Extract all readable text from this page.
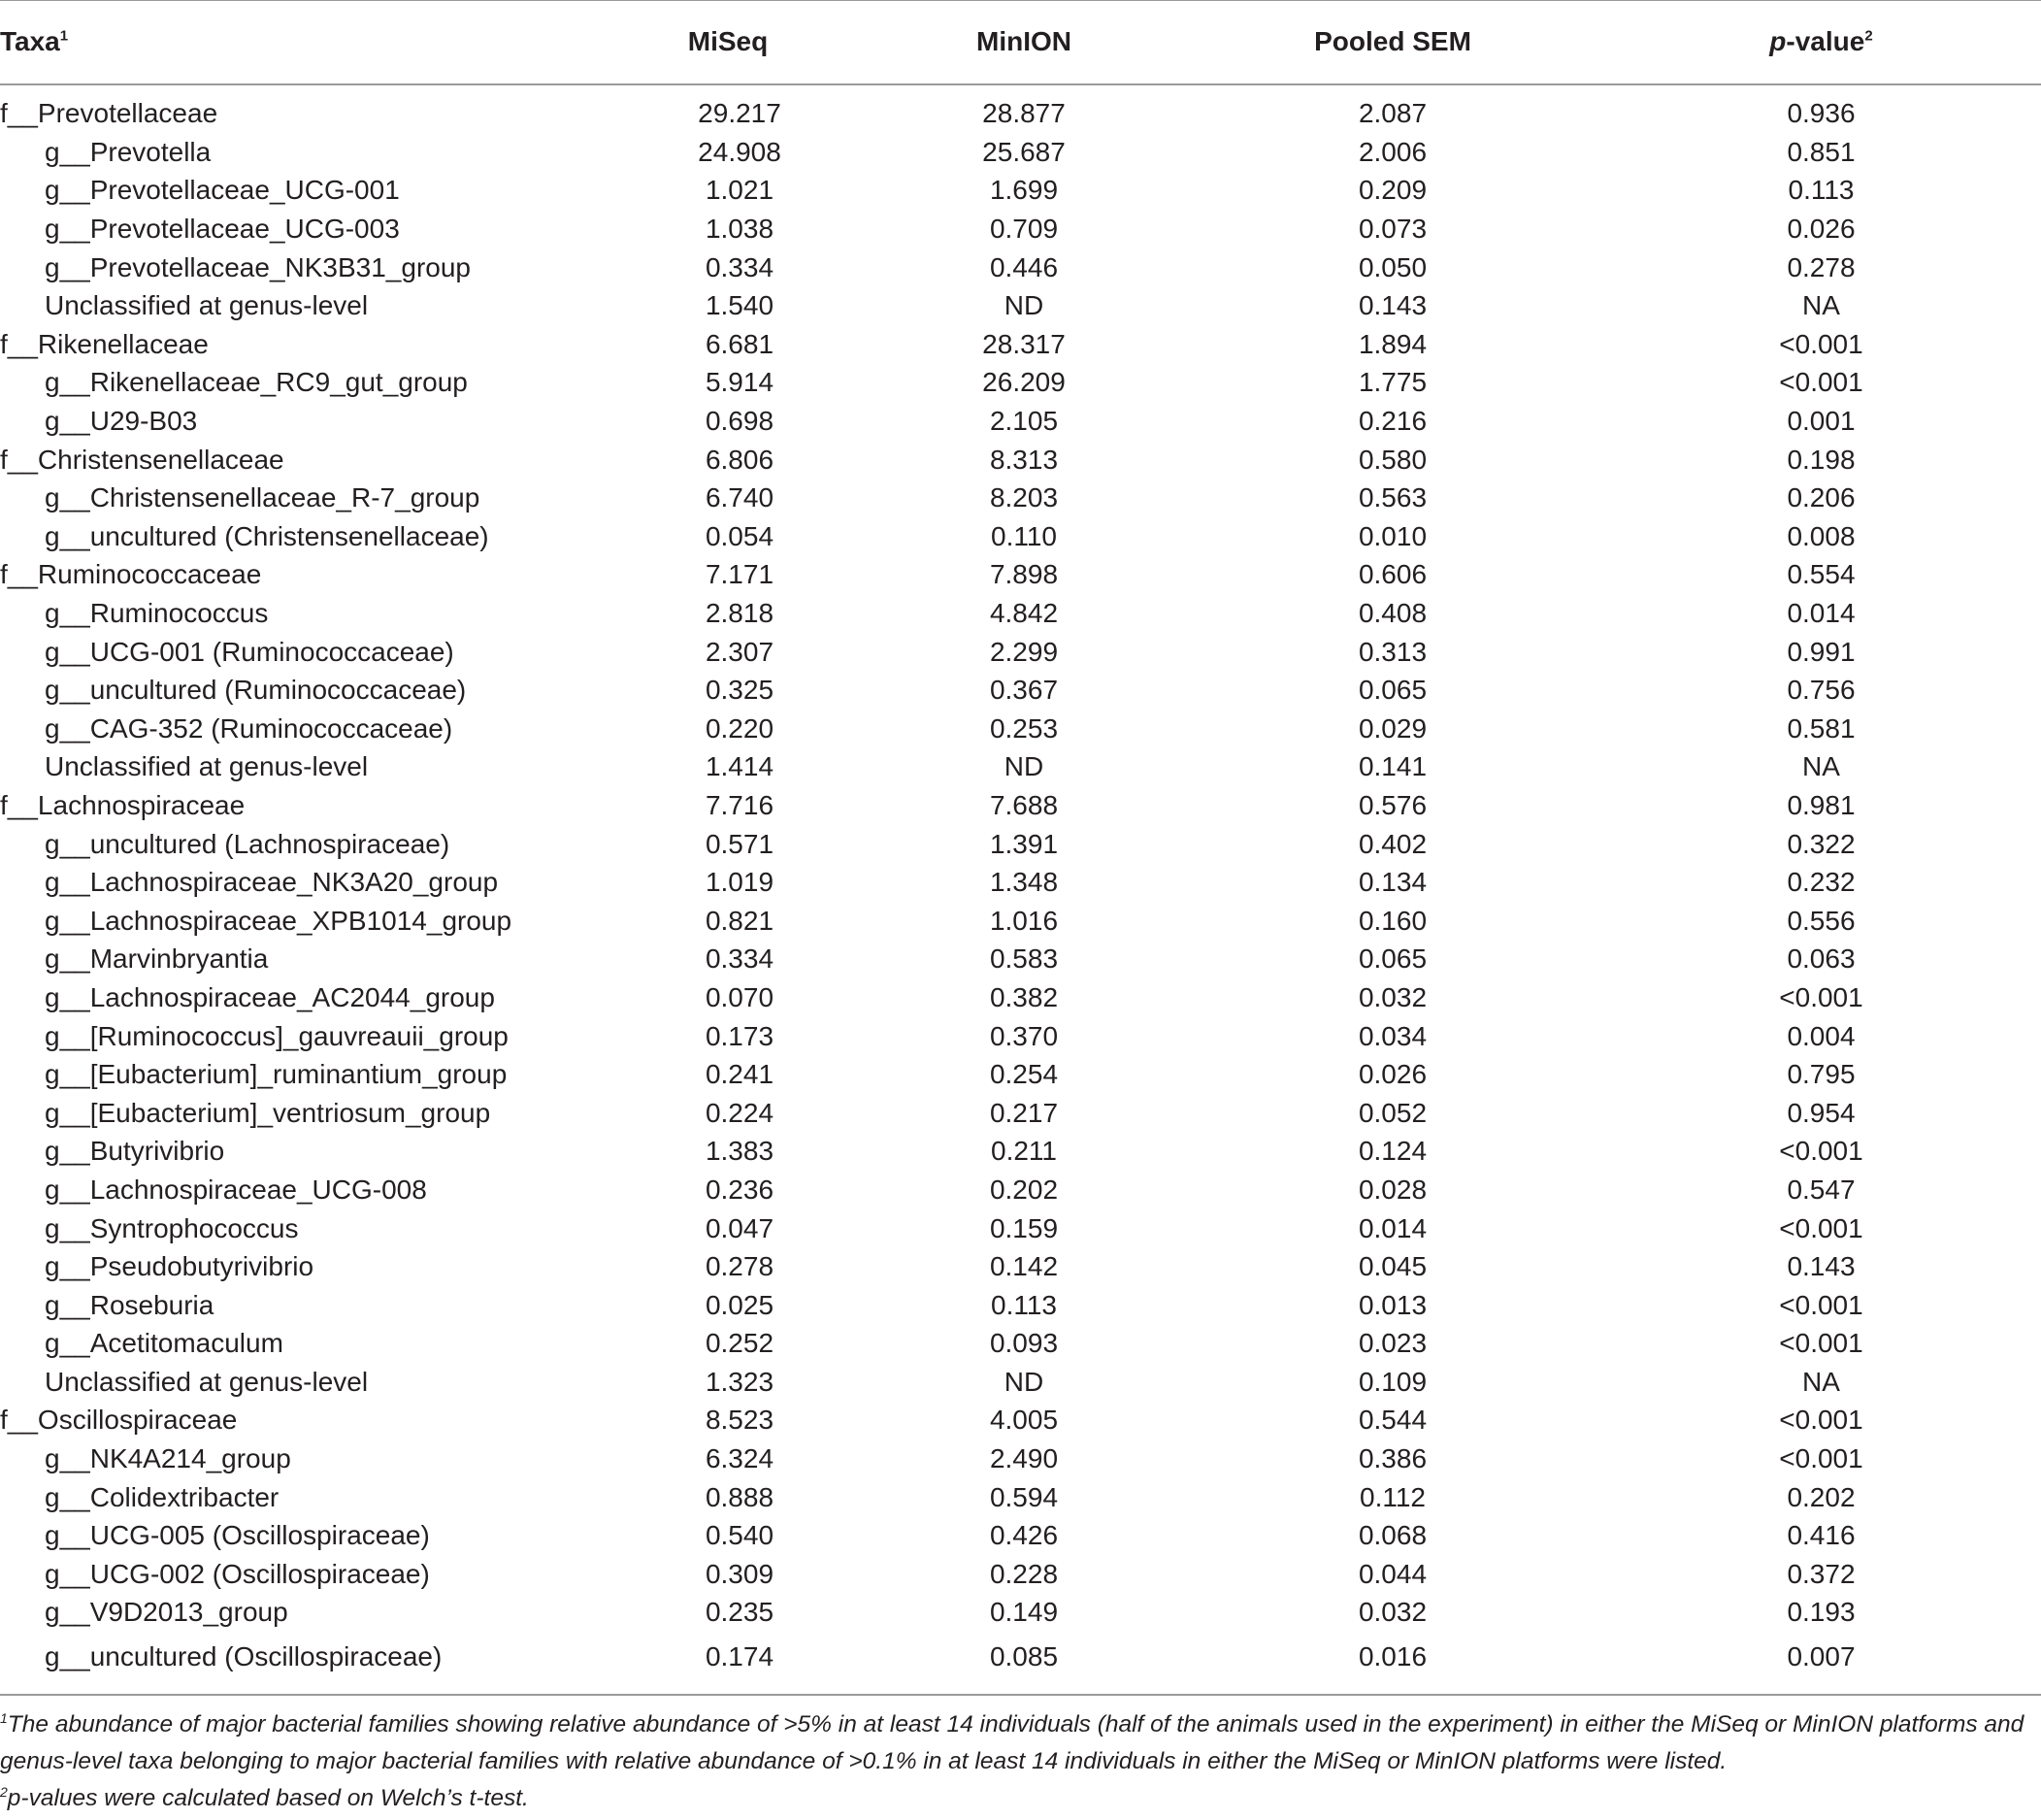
Taxa$^1$	MiSeq	MinION	Pooled SEM	p-value$^2$

f__Prevotellaceae	29.217	28.877	2.087	0.936
g__Prevotella	24.908	25.687	2.006	0.851
g__Prevotellaceae_UCG-001	1.021	1.699	0.209	0.113
g__Prevotellaceae_UCG-003	1.038	0.709	0.073	0.026
g__Prevotellaceae_NK3B31_group	0.334	0.446	0.050	0.278
Unclassified at genus-level	1.540	ND	0.143	NA
f__Rikenellaceae	6.681	28.317	1.894	<0.001
g__Rikenellaceae_RC9_gut_group	5.914	26.209	1.775	<0.001
g__U29-B03	0.698	2.105	0.216	0.001
f__Christensenellaceae	6.806	8.313	0.580	0.198
g__Christensenellaceae_R-7_group	6.740	8.203	0.563	0.206
g__uncultured (Christensenellaceae)	0.054	0.110	0.010	0.008
f__Ruminococcaceae	7.171	7.898	0.606	0.554
g__Ruminococcus	2.818	4.842	0.408	0.014
g__UCG-001 (Ruminococcaceae)	2.307	2.299	0.313	0.991
g__uncultured (Ruminococcaceae)	0.325	0.367	0.065	0.756
g__CAG-352 (Ruminococcaceae)	0.220	0.253	0.029	0.581
Unclassified at genus-level	1.414	ND	0.141	NA
f__Lachnospiraceae	7.716	7.688	0.576	0.981
g__uncultured (Lachnospiraceae)	0.571	1.391	0.402	0.322
g__Lachnospiraceae_NK3A20_group	1.019	1.348	0.134	0.232
g__Lachnospiraceae_XPB1014_group	0.821	1.016	0.160	0.556
g__Marvinbryantia	0.334	0.583	0.065	0.063
g__Lachnospiraceae_AC2044_group	0.070	0.382	0.032	<0.001
g__[Ruminococcus]_gauvreauii_group	0.173	0.370	0.034	0.004
g__[Eubacterium]_ruminantium_group	0.241	0.254	0.026	0.795
g__[Eubacterium]_ventriosum_group	0.224	0.217	0.052	0.954
g__Butyrivibrio	1.383	0.211	0.124	<0.001
g__Lachnospiraceae_UCG-008	0.236	0.202	0.028	0.547
g__Syntrophococcus	0.047	0.159	0.014	<0.001
g__Pseudobutyrivibrio	0.278	0.142	0.045	0.143
g__Roseburia	0.025	0.113	0.013	<0.001
g__Acetitomaculum	0.252	0.093	0.023	<0.001
Unclassified at genus-level	1.323	ND	0.109	NA
f__Oscillospiraceae	8.523	4.005	0.544	<0.001
g__NK4A214_group	6.324	2.490	0.386	<0.001
g__Colidextribacter	0.888	0.594	0.112	0.202
g__UCG-005 (Oscillospiraceae)	0.540	0.426	0.068	0.416
g__UCG-002 (Oscillospiraceae)	0.309	0.228	0.044	0.372
g__V9D2013_group	0.235	0.149	0.032	0.193
g__uncultured (Oscillospiraceae)	0.174	0.085	0.016	0.007

$^1$The abundance of major bacterial families showing relative abundance of >5% in at least 14 individuals (half of the animals used in the experiment) in either the MiSeq or MinION platforms and genus-level taxa belonging to major bacterial families with relative abundance of >0.1% in at least 14 individuals in either the MiSeq or MinION platforms were listed.

$^2$p-values were calculated based on Welch’s t-test.
